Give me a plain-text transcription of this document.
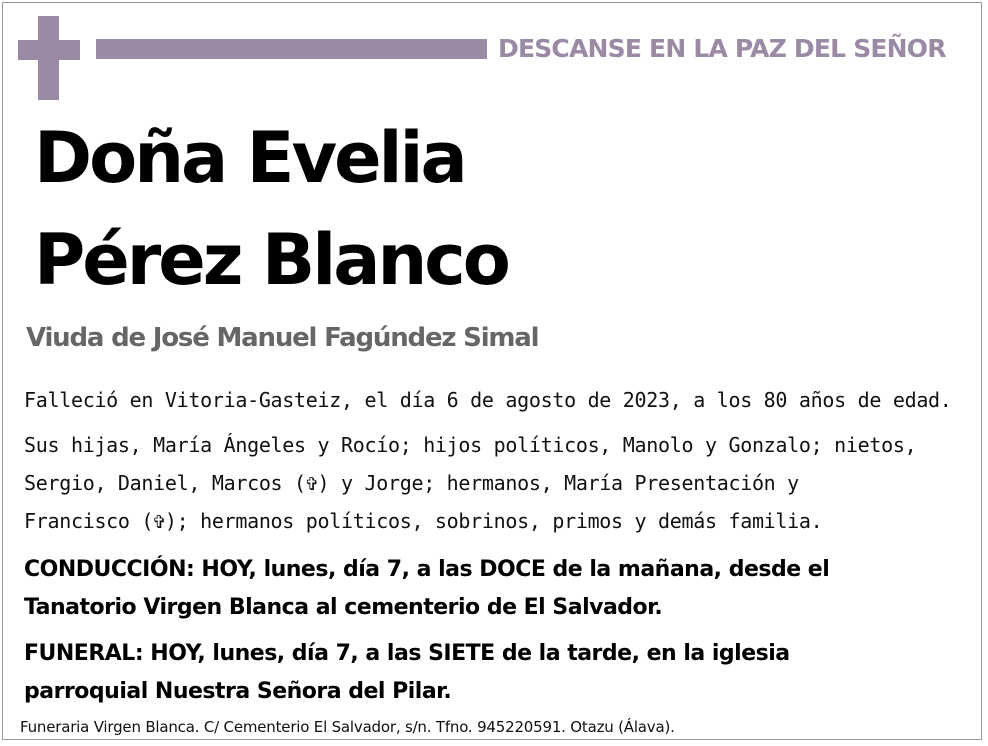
DESCANSE EN LA PAZ DEL SEÑOR
Doña Evelia
Pérez Blanco
Viuda de José Manuel Fagúndez Simal
Falleció en Vitoria-Gasteiz, el día 6 de agosto de 2023, a los 80 años de edad.
Sus hijas, María Ángeles y Rocío; hijos políticos, Manolo y Gonzalo; nietos,
Sergio, Daniel, Marcos (✞) y Jorge; hermanos, María Presentación y
Francisco (✞); hermanos políticos, sobrinos, primos y demás familia.
CONDUCCIÓN: HOY, lunes, día 7, a las DOCE de la mañana, desde el
Tanatorio Virgen Blanca al cementerio de El Salvador.
FUNERAL: HOY, lunes, día 7, a las SIETE de la tarde, en la iglesia
parroquial Nuestra Señora del Pilar.
Funeraria Virgen Blanca. C/ Cementerio El Salvador, s/n. Tfno. 945220591. Otazu (Álava).
